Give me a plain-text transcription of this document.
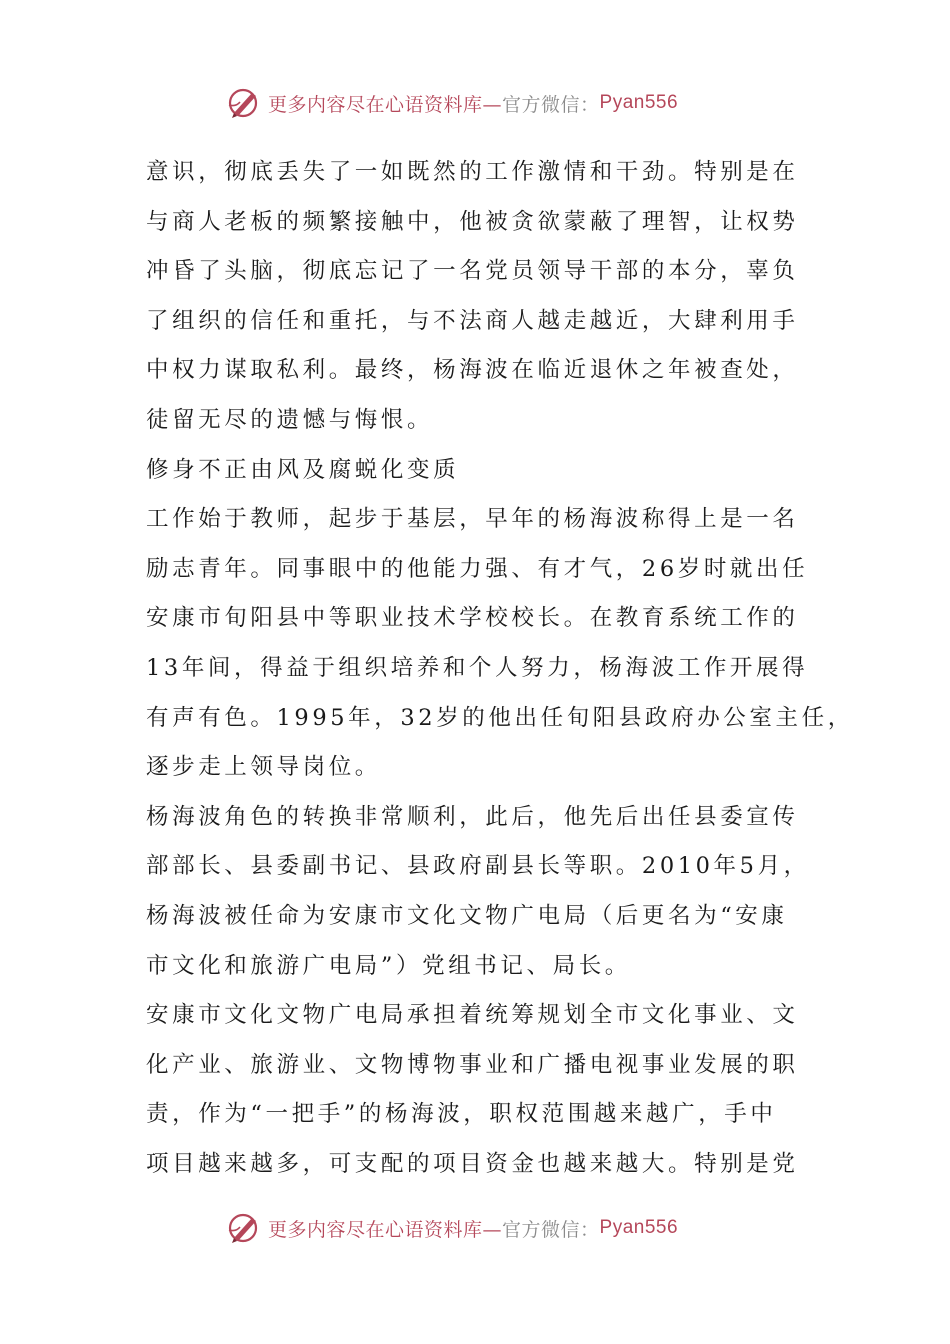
更多内容尽在心语资料库— 官方微信： Pyan556
意识，彻底丢失了一如既然的工作激情和干劲。特别是在
与商人老板的频繁接触中，他被贪欲蒙蔽了理智，让权势
冲昏了头脑，彻底忘记了一名党员领导干部的本分，辜负
了组织的信任和重托，与不法商人越走越近，大肆利用手
中权力谋取私利。最终，杨海波在临近退休之年被查处，
徒留无尽的遗憾与悔恨。
修身不正由风及腐蜕化变质
工作始于教师，起步于基层，早年的杨海波称得上是一名
励志青年。同事眼中的他能力强、有才气，26岁时就出任
安康市旬阳县中等职业技术学校校长。在教育系统工作的
13年间，得益于组织培养和个人努力，杨海波工作开展得
有声有色。1995年，32岁的他出任旬阳县政府办公室主任，
逐步走上领导岗位。
杨海波角色的转换非常顺利，此后，他先后出任县委宣传
部部长、县委副书记、县政府副县长等职。2010年5月，
杨海波被任命为安康市文化文物广电局（后更名为“安康
市文化和旅游广电局”）党组书记、局长。
安康市文化文物广电局承担着统筹规划全市文化事业、文
化产业、旅游业、文物博物事业和广播电视事业发展的职
责，作为“一把手”的杨海波，职权范围越来越广，手中
项目越来越多，可支配的项目资金也越来越大。特别是党
更多内容尽在心语资料库— 官方微信： Pyan556
